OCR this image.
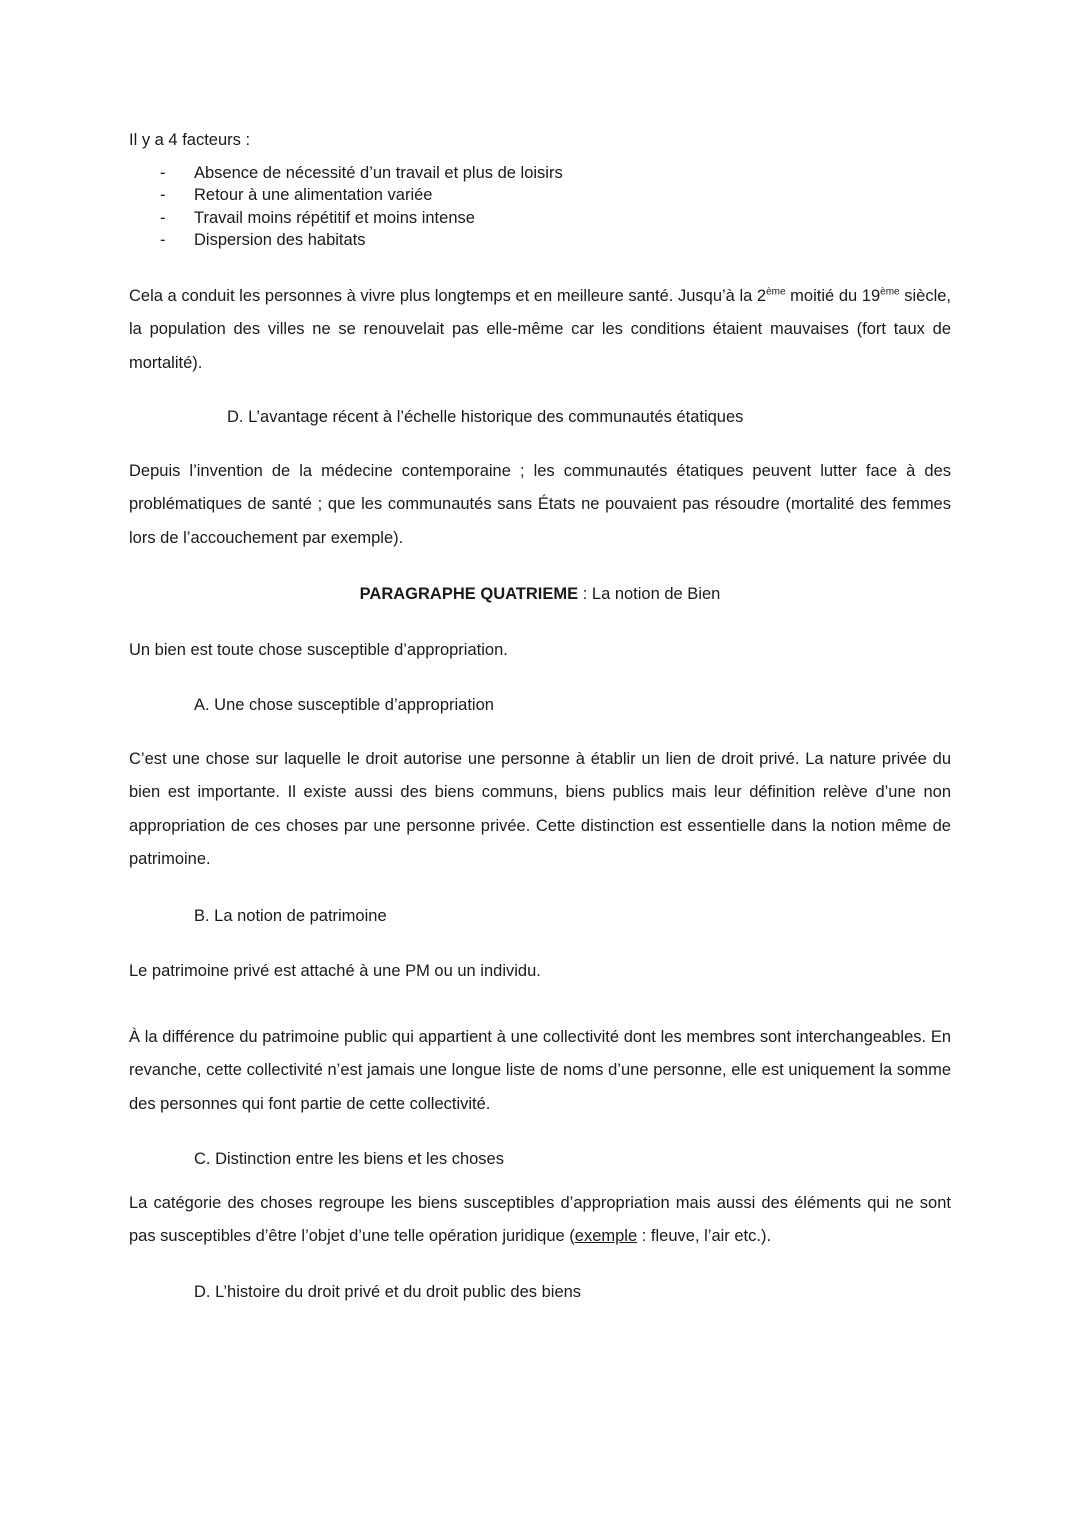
Il y a 4 facteurs :
- Absence de nécessité d’un travail et plus de loisirs
- Retour à une alimentation variée
- Travail moins répétitif et moins intense
- Dispersion des habitats
Cela a conduit les personnes à vivre plus longtemps et en meilleure santé. Jusqu’à la 2ème moitié du 19ème siècle, la population des villes ne se renouvelait pas elle-même car les conditions étaient mauvaises (fort taux de mortalité).
D. L’avantage récent à l’échelle historique des communautés étatiques
Depuis l’invention de la médecine contemporaine ; les communautés étatiques peuvent lutter face à des problématiques de santé ; que les communautés sans États ne pouvaient pas résoudre (mortalité des femmes lors de l’accouchement par exemple).
PARAGRAPHE QUATRIEME : La notion de Bien
Un bien est toute chose susceptible d’appropriation.
A. Une chose susceptible d’appropriation
C’est une chose sur laquelle le droit autorise une personne à établir un lien de droit privé. La nature privée du bien est importante. Il existe aussi des biens communs, biens publics mais leur définition relève d’une non appropriation de ces choses par une personne privée. Cette distinction est essentielle dans la notion même de patrimoine.
B. La notion de patrimoine
Le patrimoine privé est attaché à une PM ou un individu.
À la différence du patrimoine public qui appartient à une collectivité dont les membres sont interchangeables. En revanche, cette collectivité n’est jamais une longue liste de noms d’une personne, elle est uniquement la somme des personnes qui font partie de cette collectivité.
C. Distinction entre les biens et les choses
La catégorie des choses regroupe les biens susceptibles d’appropriation mais aussi des éléments qui ne sont pas susceptibles d’être l’objet d’une telle opération juridique (exemple : fleuve, l’air etc.).
D. L’histoire du droit privé et du droit public des biens
